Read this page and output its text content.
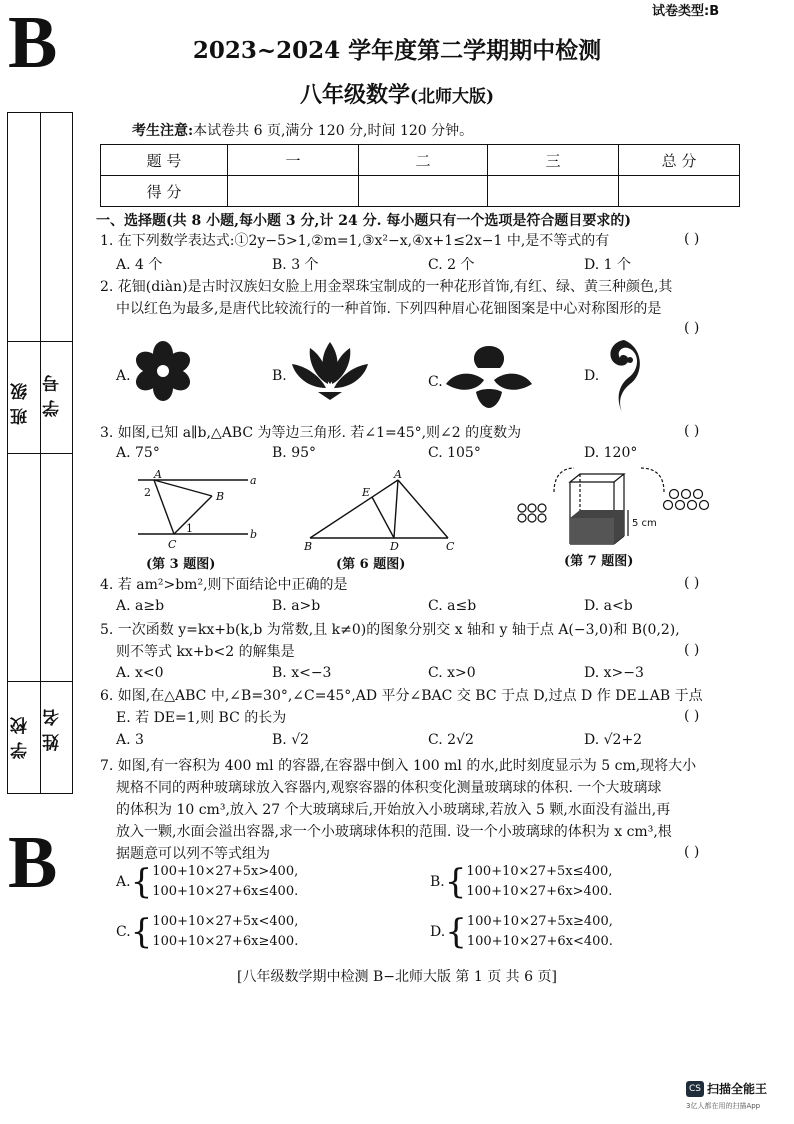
试卷类型:B
B
B
2023~2024 学年度第二学期期中检测
八年级数学(北师大版)
考生注意:本试卷共 6 页,满分 120 分,时间 120 分钟。
题 号	一	二	三	总 分
得 分				
班级 学号
学校 姓名
一、选择题(共 8 小题,每小题 3 分,计 24 分. 每小题只有一个选项是符合题目要求的)
1. 在下列数学表达式:①2y−5>1,②m=1,③x²−x,④x+1≤2x−1 中,是不等式的有	( )
A. 4 个	B. 3 个	C. 2 个	D. 1 个
2. 花钿(diàn)是古时汉族妇女脸上用金翠珠宝制成的一种花形首饰,有红、绿、黄三种颜色,其
中以红色为最多,是唐代比较流行的一种首饰. 下列四种眉心花钿图案是中心对称图形的是
( )
A.	B.	C.	D.
3. 如图,已知 a∥b,△ABC 为等边三角形. 若∠1=45°,则∠2 的度数为	( )
A. 75°	B. 95°	C. 105°	D. 120°
A	a
2	B
1
C
b
(第 3 题图)
A
E
B	D	C
(第 6 题图)
5 cm
(第 7 题图)
4. 若 am²>bm²,则下面结论中正确的是	( )
A. a≥b	B. a>b	C. a≤b	D. a<b
5. 一次函数 y=kx+b(k,b 为常数,且 k≠0)的图象分别交 x 轴和 y 轴于点 A(−3,0)和 B(0,2),
则不等式 kx+b<2 的解集是	( )
A. x<0	B. x<−3	C. x>0	D. x>−3
6. 如图,在△ABC 中,∠B=30°,∠C=45°,AD 平分∠BAC 交 BC 于点 D,过点 D 作 DE⊥AB 于点
E. 若 DE=1,则 BC 的长为	( )
A. 3	B. √2	C. 2√2	D. √2+2
7. 如图,有一容积为 400 ml 的容器,在容器中倒入 100 ml 的水,此时刻度显示为 5 cm,现将大小
规格不同的两种玻璃球放入容器内,观察容器的体积变化测量玻璃球的体积. 一个大玻璃球
的体积为 10 cm³,放入 27 个大玻璃球后,开始放入小玻璃球,若放入 5 颗,水面没有溢出,再
放入一颗,水面会溢出容器,求一个小玻璃球体积的范围. 设一个小玻璃球的体积为 x cm³,根
据题意可以列不等式组为	( )
A.{100+10×27+5x>400,
100+10×27+6x≤400.
B.{100+10×27+5x≤400,
100+10×27+6x>400.
C.{100+10×27+5x<400,
100+10×27+6x≥400.
D.{100+10×27+5x≥400,
100+10×27+6x<400.
[八年级数学期中检测 B−北师大版 第 1 页 共 6 页]
CS 扫描全能王
3亿人都在用的扫描App
